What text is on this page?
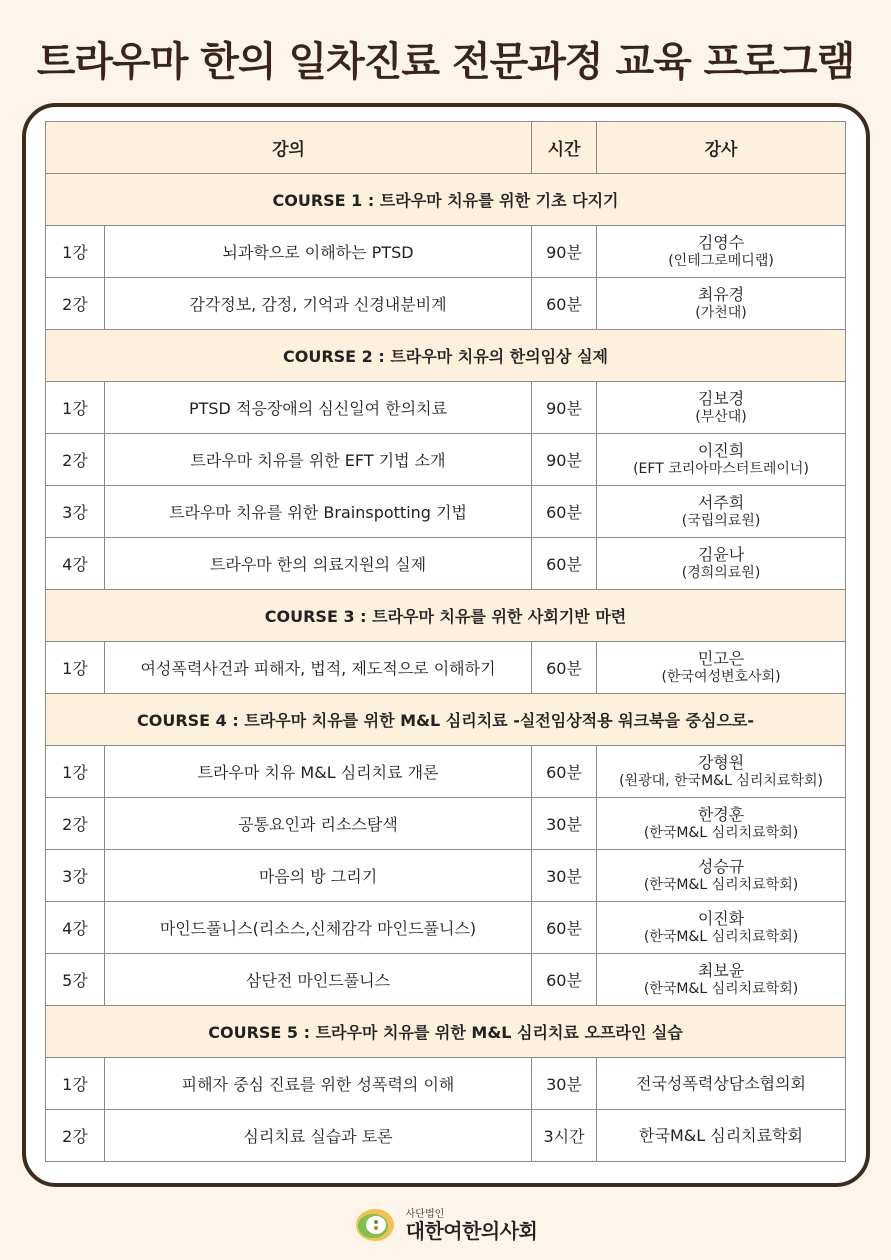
트라우마 한의 일차진료 전문과정 교육 프로그램
강의		시간	강사
COURSE 1 : 트라우마 치유를 위한 기초 다지기			
1강	뇌과학으로 이해하는 PTSD	90분	김영수
(인테그로메디랩)

2강	감각정보, 감정, 기억과 신경내분비계	60분	최유경
(가천대)

COURSE 2 : 트라우마 치유의 한의임상 실제			
1강	PTSD 적응장애의 심신일여 한의치료	90분	김보경
(부산대)

2강	트라우마 치유를 위한 EFT 기법 소개	90분	이진희
(EFT 코리아마스터트레이너)

3강	트라우마 치유를 위한 Brainspotting 기법	60분	서주희
(국립의료원)

4강	트라우마 한의 의료지원의 실제	60분	김윤나
(경희의료원)

COURSE 3 : 트라우마 치유를 위한 사회기반 마련			
1강	여성폭력사건과 피해자, 법적, 제도적으로 이해하기	60분	민고은
(한국여성변호사회)

COURSE 4 : 트라우마 치유를 위한 M&L 심리치료 -실전임상적용 워크북을 중심으로-			
1강	트라우마 치유 M&L 심리치료 개론	60분	강형원
(원광대, 한국M&L 심리치료학회)

2강	공통요인과 리소스탐색	30분	한경훈
(한국M&L 심리치료학회)

3강	마음의 방 그리기	30분	성승규
(한국M&L 심리치료학회)

4강	마인드풀니스(리소스,신체감각 마인드풀니스)	60분	이진화
(한국M&L 심리치료학회)

5강	삼단전 마인드풀니스	60분	최보윤
(한국M&L 심리치료학회)

COURSE 5 : 트라우마 치유를 위한 M&L 심리치료 오프라인 실습			
1강	피해자 중심 진료를 위한 성폭력의 이해	30분	전국성폭력상담소협의회

2강	심리치료 실습과 토론	3시간	한국M&L 심리치료학회
사단법인
대한여한의사회
